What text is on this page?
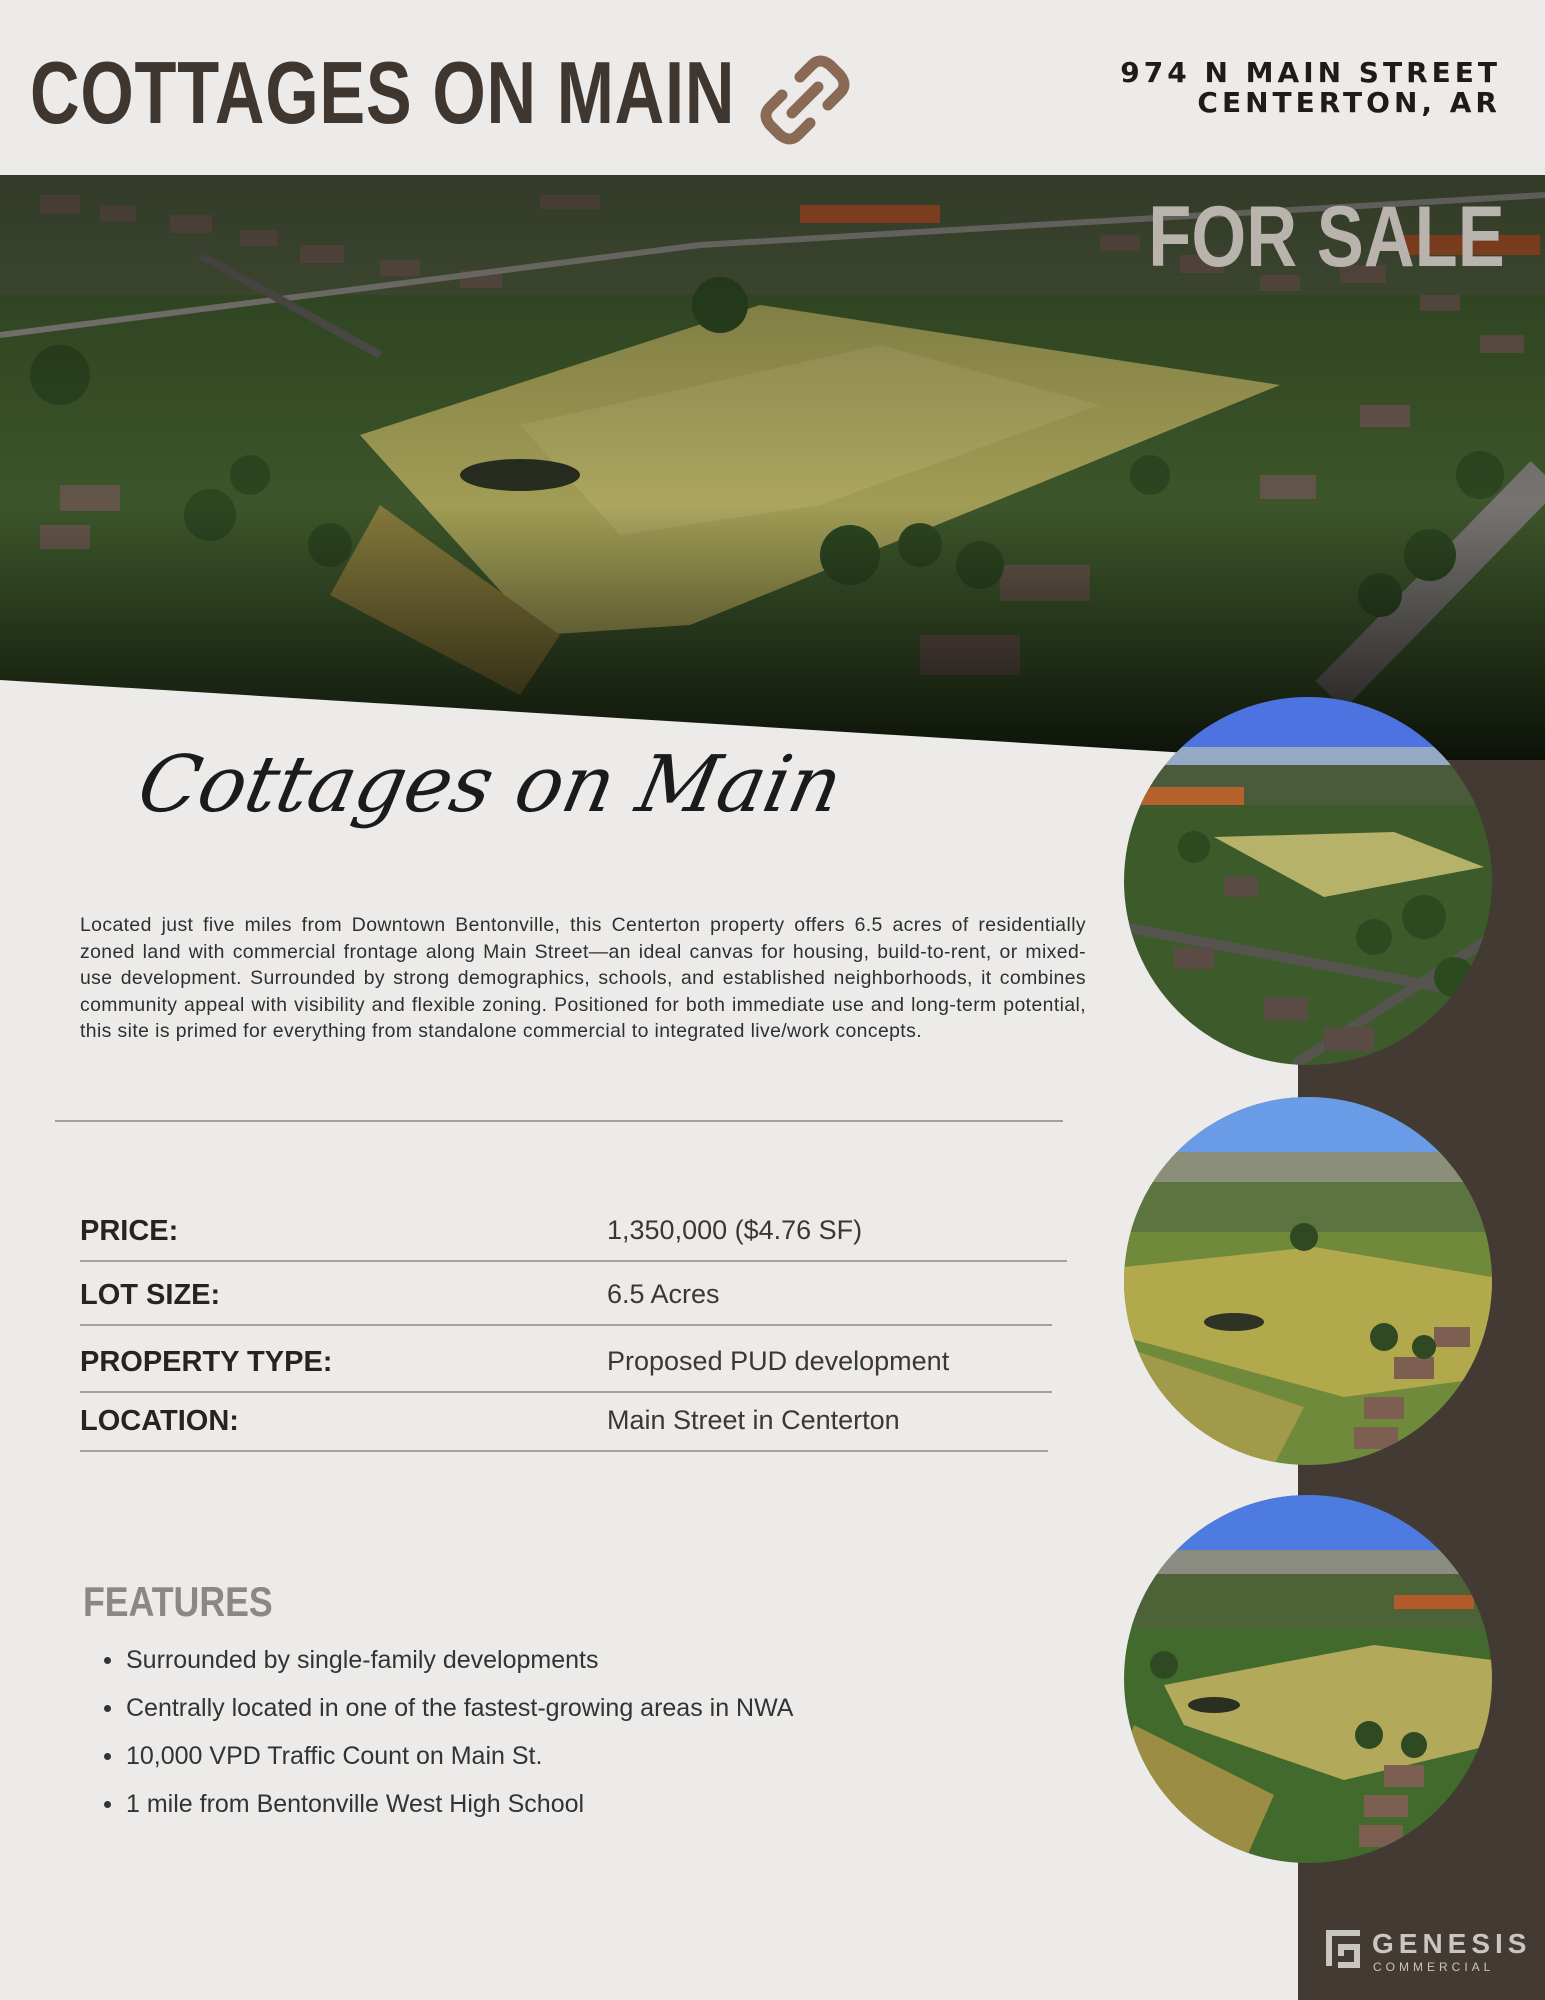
COTTAGES ON MAIN	974 N MAIN STREET
CENTERTON, AR
FOR SALE
Cottages on Main
Located just five miles from Downtown Bentonville, this Centerton property offers 6.5 acres of residentially zoned land with commercial frontage along Main Street—an ideal canvas for housing, build-to-rent, or mixed-use development. Surrounded by strong demographics, schools, and established neighborhoods, it combines community appeal with visibility and flexible zoning. Positioned for both immediate use and long-term potential, this site is primed for everything from standalone commercial to integrated live/work concepts.
PRICE:	1,350,000 ($4.76 SF)
LOT SIZE:	6.5 Acres
PROPERTY TYPE:	Proposed PUD development
LOCATION:	Main Street in Centerton
FEATURES
Surrounded by single-family developments
Centrally located in one of the fastest-growing areas in NWA
10,000 VPD Traffic Count on Main St.
1 mile from Bentonville West High School
GENESIS
COMMERCIAL
